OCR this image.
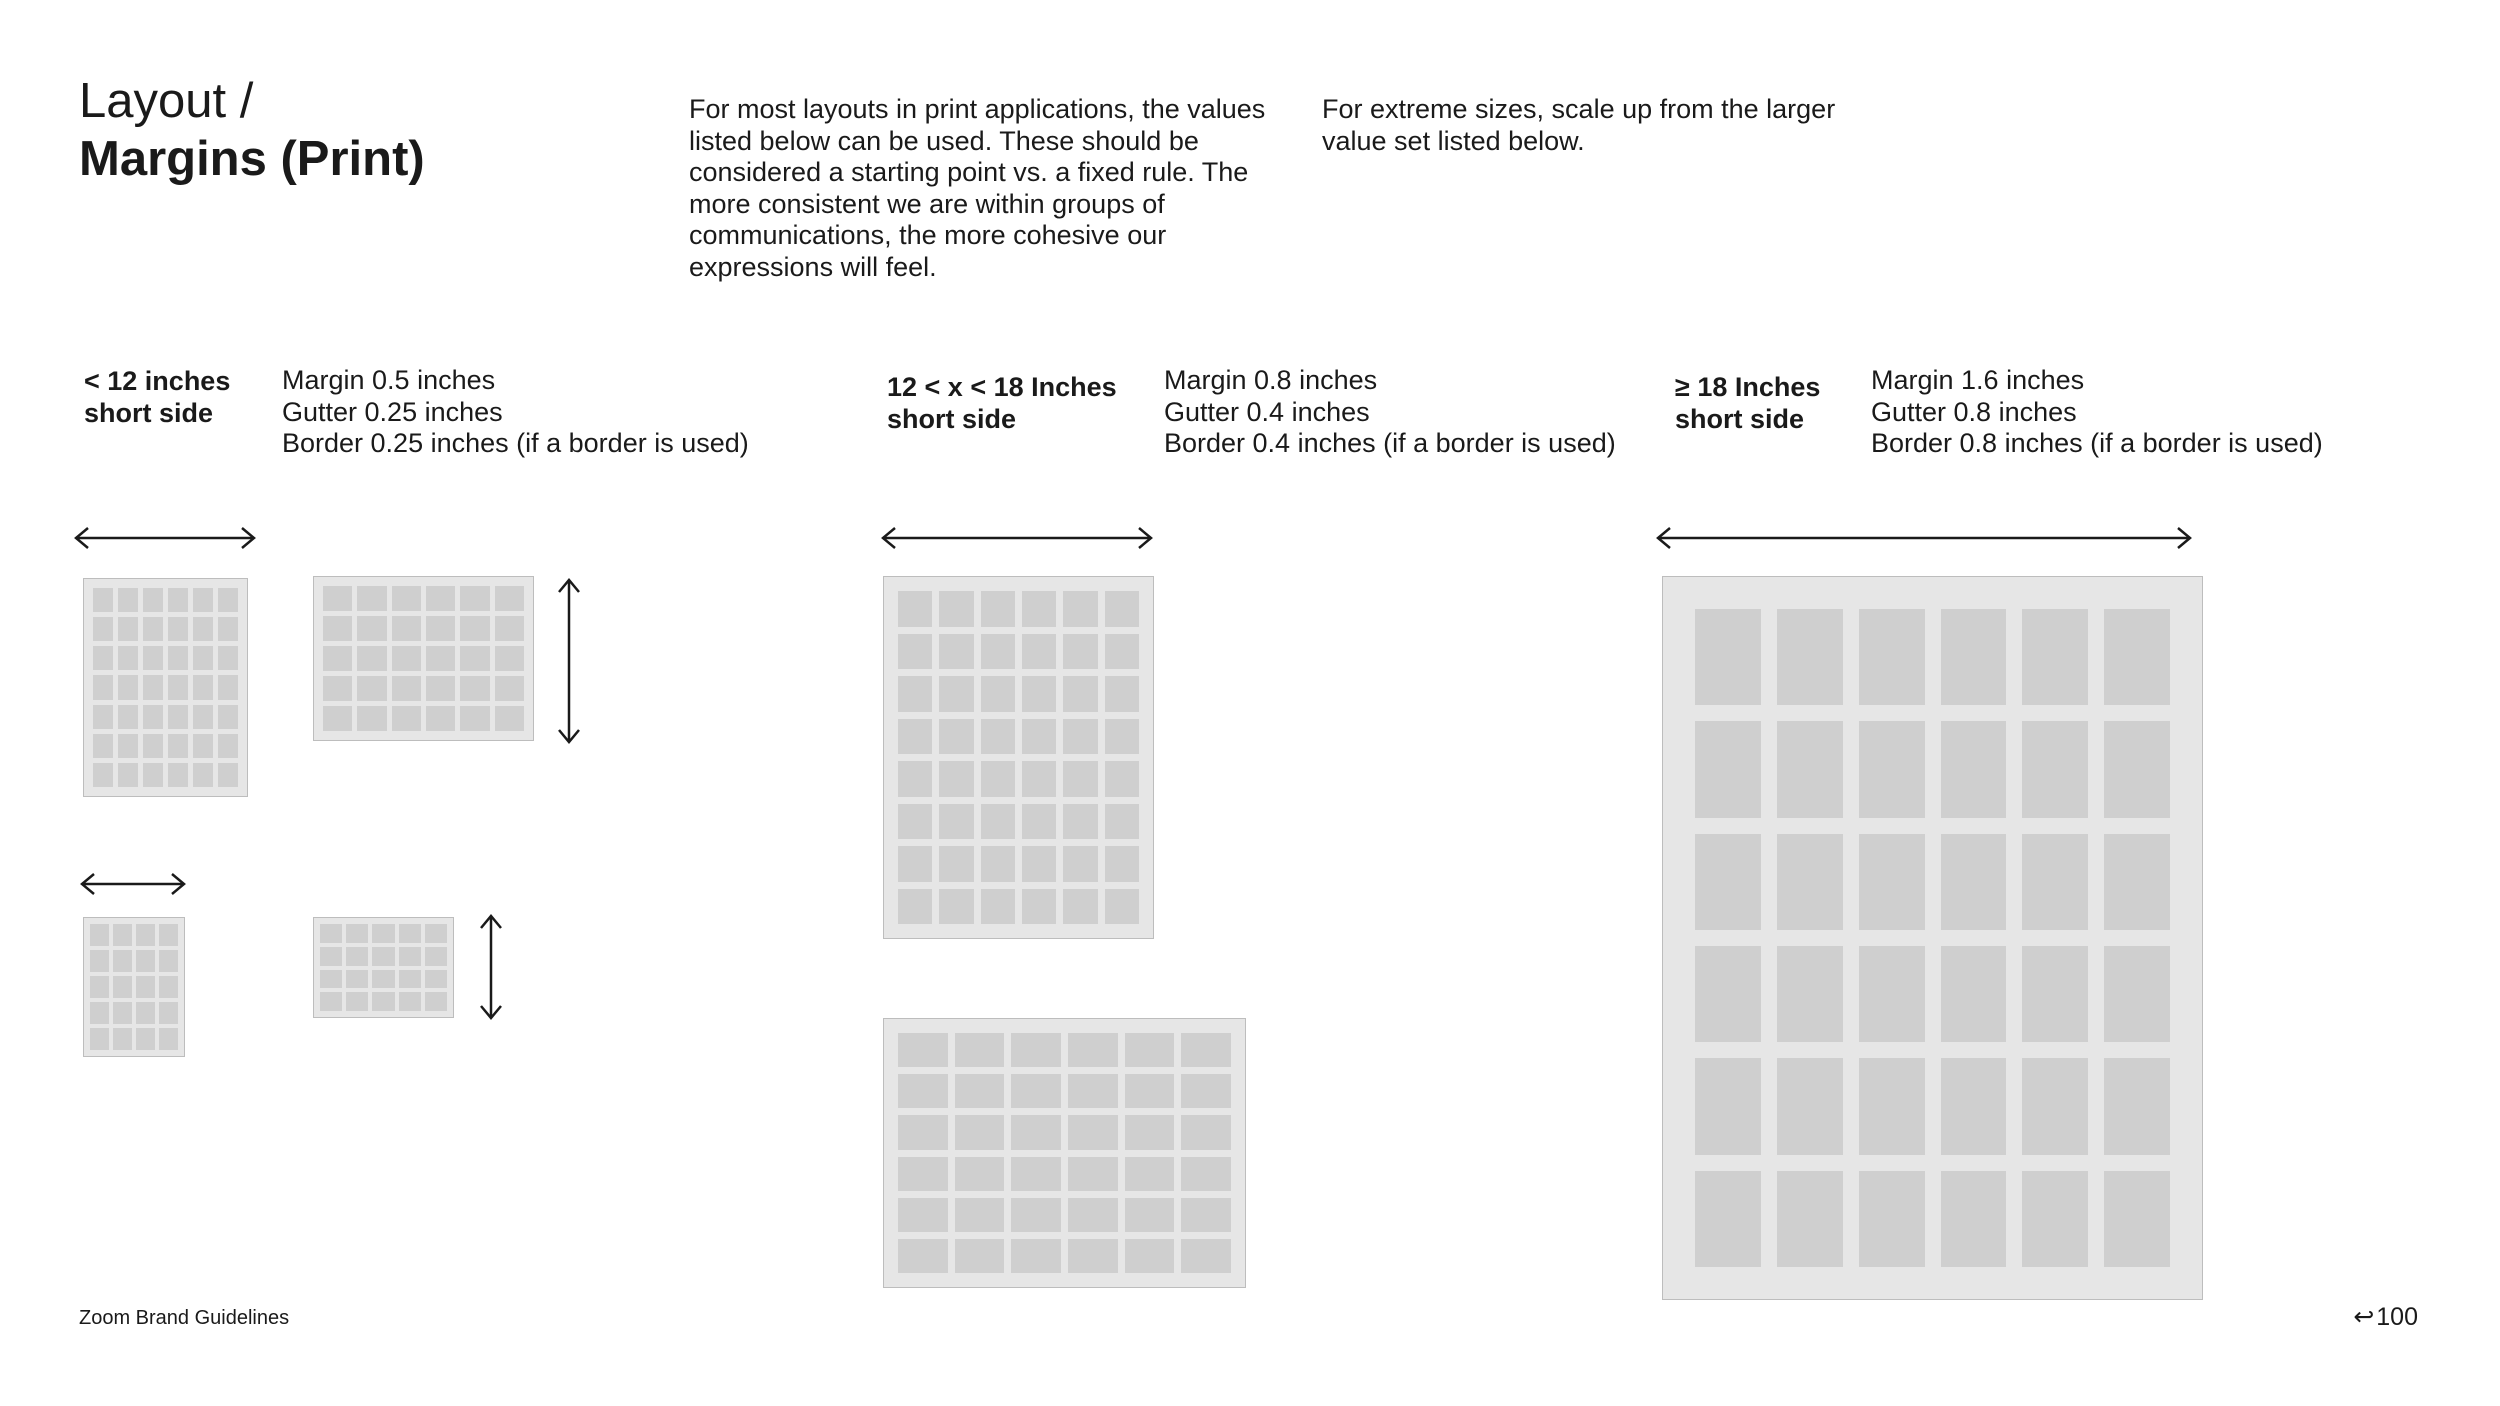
Layout /
Margins (Print)

For most layouts in print applications, the values listed below can be used. These should be considered a starting point vs. a fixed rule. The more consistent we are within groups of communications, the more cohesive our expressions will feel.

For extreme sizes, scale up from the larger value set listed below.

< 12 inches
short side
Margin 0.5 inches
Gutter 0.25 inches
Border 0.25 inches (if a border is used)
12 < x < 18 Inches
short side
Margin 0.8 inches
Gutter 0.4 inches
Border 0.4 inches (if a border is used)
≥ 18 Inches
short side
Margin 1.6 inches
Gutter 0.8 inches
Border 0.8 inches (if a border is used)
Zoom Brand Guidelines	↩ 100
